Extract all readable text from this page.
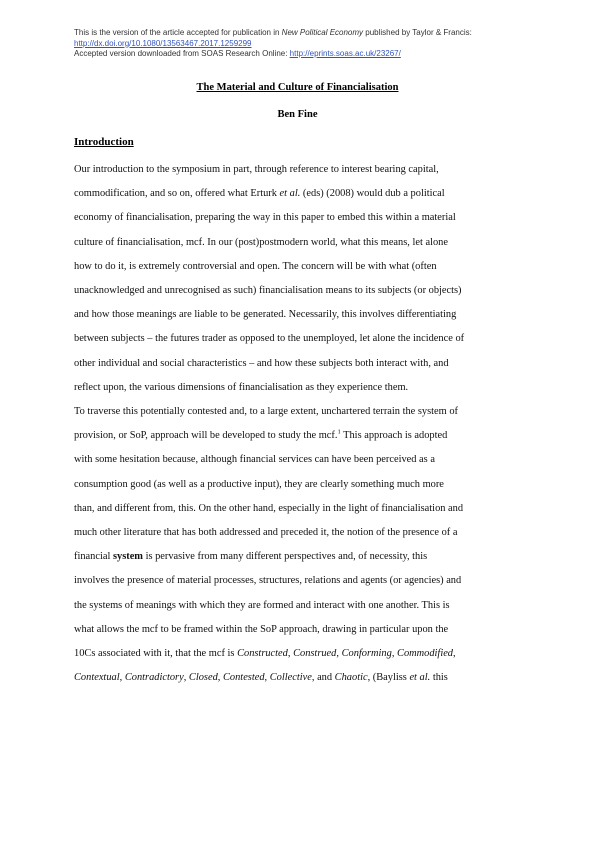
This is the version of the article accepted for publication in New Political Economy published by Taylor & Francis:
http://dx.doi.org/10.1080/13563467.2017.1259299
Accepted version downloaded from SOAS Research Online: http://eprints.soas.ac.uk/23267/
The Material and Culture of Financialisation
Ben Fine
Introduction

Our introduction to the symposium in part, through reference to interest bearing capital,
commodification, and so on, offered what Erturk et al. (eds) (2008) would dub a political
economy of financialisation, preparing the way in this paper to embed this within a material
culture of financialisation, mcf. In our (post)postmodern world, what this means, let alone
how to do it, is extremely controversial and open. The concern will be with what (often
unacknowledged and unrecognised as such) financialisation means to its subjects (or objects)
and how those meanings are liable to be generated. Necessarily, this involves differentiating
between subjects – the futures trader as opposed to the unemployed, let alone the incidence of
other individual and social characteristics – and how these subjects both interact with, and
reflect upon, the various dimensions of financialisation as they experience them.

To traverse this potentially contested and, to a large extent, unchartered terrain the system of
provision, or SoP, approach will be developed to study the mcf.$^1$ This approach is adopted
with some hesitation because, although financial services can have been perceived as a
consumption good (as well as a productive input), they are clearly something much more
than, and different from, this. On the other hand, especially in the light of financialisation and
much other literature that has both addressed and preceded it, the notion of the presence of a
financial system is pervasive from many different perspectives and, of necessity, this
involves the presence of material processes, structures, relations and agents (or agencies) and
the systems of meanings with which they are formed and interact with one another. This is
what allows the mcf to be framed within the SoP approach, drawing in particular upon the
10Cs associated with it, that the mcf is Constructed, Construed, Conforming, Commodified,
Contextual, Contradictory, Closed, Contested, Collective, and Chaotic, (Bayliss et al. this
